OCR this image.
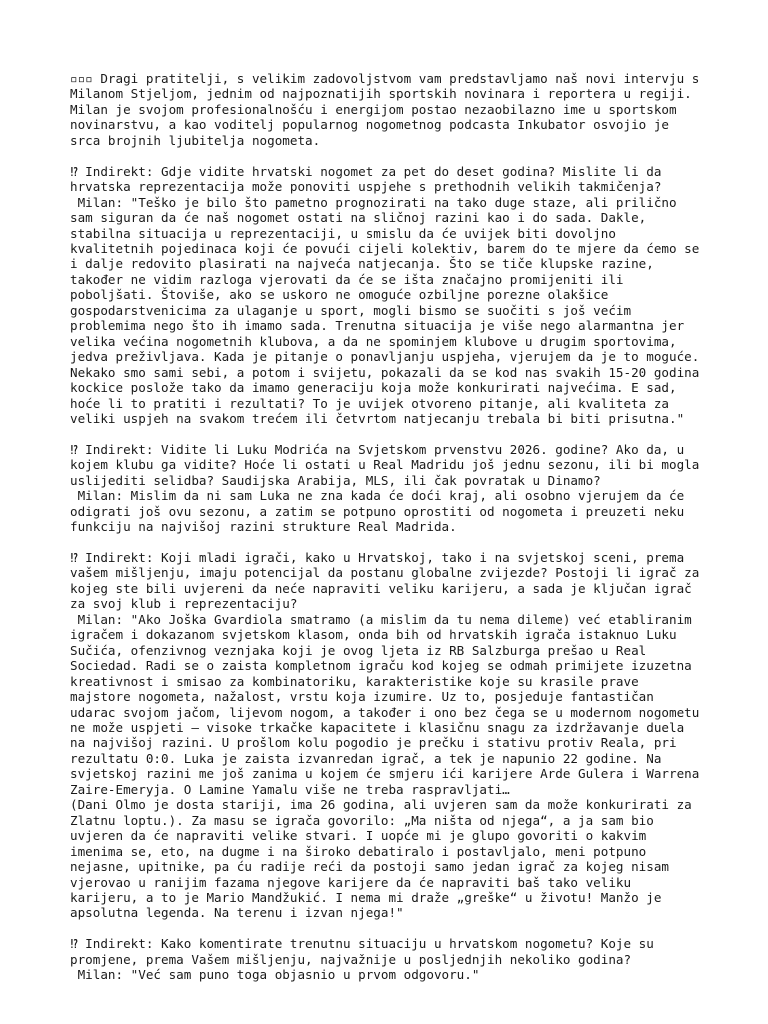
▫▫▫ Dragi pratitelji, s velikim zadovoljstvom vam predstavljamo naš novi intervju s
Milanom Stjeljom, jednim od najpoznatijih sportskih novinara i reportera u regiji.
Milan je svojom profesionalnošću i energijom postao nezaobilazno ime u sportskom
novinarstvu, a kao voditelj popularnog nogometnog podcasta Inkubator osvojio je
srca brojnih ljubitelja nogometa.
⁉ Indirekt: Gdje vidite hrvatski nogomet za pet do deset godina? Mislite li da
hrvatska reprezentacija može ponoviti uspjehe s prethodnih velikih takmičenja?
Milan: "Teško je bilo što pametno prognozirati na tako duge staze, ali prilično
sam siguran da će naš nogomet ostati na sličnoj razini kao i do sada. Dakle,
stabilna situacija u reprezentaciji, u smislu da će uvijek biti dovoljno
kvalitetnih pojedinaca koji će povući cijeli kolektiv, barem do te mjere da ćemo se
i dalje redovito plasirati na najveća natjecanja. Što se tiče klupske razine,
također ne vidim razloga vjerovati da će se išta značajno promijeniti ili
poboljšati. Štoviše, ako se uskoro ne omoguće ozbiljne porezne olakšice
gospodarstvenicima za ulaganje u sport, mogli bismo se suočiti s još većim
problemima nego što ih imamo sada. Trenutna situacija je više nego alarmantna jer
velika većina nogometnih klubova, a da ne spominjem klubove u drugim sportovima,
jedva preživljava. Kada je pitanje o ponavljanju uspjeha, vjerujem da je to moguće.
Nekako smo sami sebi, a potom i svijetu, pokazali da se kod nas svakih 15-20 godina
kockice poslože tako da imamo generaciju koja može konkurirati najvećima. E sad,
hoće li to pratiti i rezultati? To je uvijek otvoreno pitanje, ali kvaliteta za
veliki uspjeh na svakom trećem ili četvrtom natjecanju trebala bi biti prisutna."
⁉ Indirekt: Vidite li Luku Modrića na Svjetskom prvenstvu 2026. godine? Ako da, u
kojem klubu ga vidite? Hoće li ostati u Real Madridu još jednu sezonu, ili bi mogla
uslijediti selidba? Saudijska Arabija, MLS, ili čak povratak u Dinamo?
Milan: Mislim da ni sam Luka ne zna kada će doći kraj, ali osobno vjerujem da će
odigrati još ovu sezonu, a zatim se potpuno oprostiti od nogometa i preuzeti neku
funkciju na najvišoj razini strukture Real Madrida.
⁉ Indirekt: Koji mladi igrači, kako u Hrvatskoj, tako i na svjetskoj sceni, prema
vašem mišljenju, imaju potencijal da postanu globalne zvijezde? Postoji li igrač za
kojeg ste bili uvjereni da neće napraviti veliku karijeru, a sada je ključan igrač
za svoj klub i reprezentaciju?
Milan: "Ako Joška Gvardiola smatramo (a mislim da tu nema dileme) već etabliranim
igračem i dokazanom svjetskom klasom, onda bih od hrvatskih igrača istaknuo Luku
Sučića, ofenzivnog veznjaka koji je ovog ljeta iz RB Salzburga prešao u Real
Sociedad. Radi se o zaista kompletnom igraču kod kojeg se odmah primijete izuzetna
kreativnost i smisao za kombinatoriku, karakteristike koje su krasile prave
majstore nogometa, nažalost, vrstu koja izumire. Uz to, posjeduje fantastičan
udarac svojom jačom, lijevom nogom, a također i ono bez čega se u modernom nogometu
ne može uspjeti – visoke trkačke kapacitete i klasičnu snagu za izdržavanje duela
na najvišoj razini. U prošlom kolu pogodio je prečku i stativu protiv Reala, pri
rezultatu 0:0. Luka je zaista izvanredan igrač, a tek je napunio 22 godine. Na
svjetskoj razini me još zanima u kojem će smjeru ići karijere Arde Gulera i Warrena
Zaire-Emeryja. O Lamine Yamalu više ne treba raspravljati…
(Dani Olmo je dosta stariji, ima 26 godina, ali uvjeren sam da može konkurirati za
Zlatnu loptu.). Za masu se igrača govorilo: „Ma ništa od njega“, a ja sam bio
uvjeren da će napraviti velike stvari. I uopće mi je glupo govoriti o kakvim
imenima se, eto, na dugme i na široko debatiralo i postavljalo, meni potpuno
nejasne, upitnike, pa ću radije reći da postoji samo jedan igrač za kojeg nisam
vjerovao u ranijim fazama njegove karijere da će napraviti baš tako veliku
karijeru, a to je Mario Mandžukić. I nema mi draže „greške“ u životu! Manžo je
apsolutna legenda. Na terenu i izvan njega!"
⁉ Indirekt: Kako komentirate trenutnu situaciju u hrvatskom nogometu? Koje su
promjene, prema Vašem mišljenju, najvažnije u posljednjih nekoliko godina?
Milan: "Već sam puno toga objasnio u prvom odgovoru."
